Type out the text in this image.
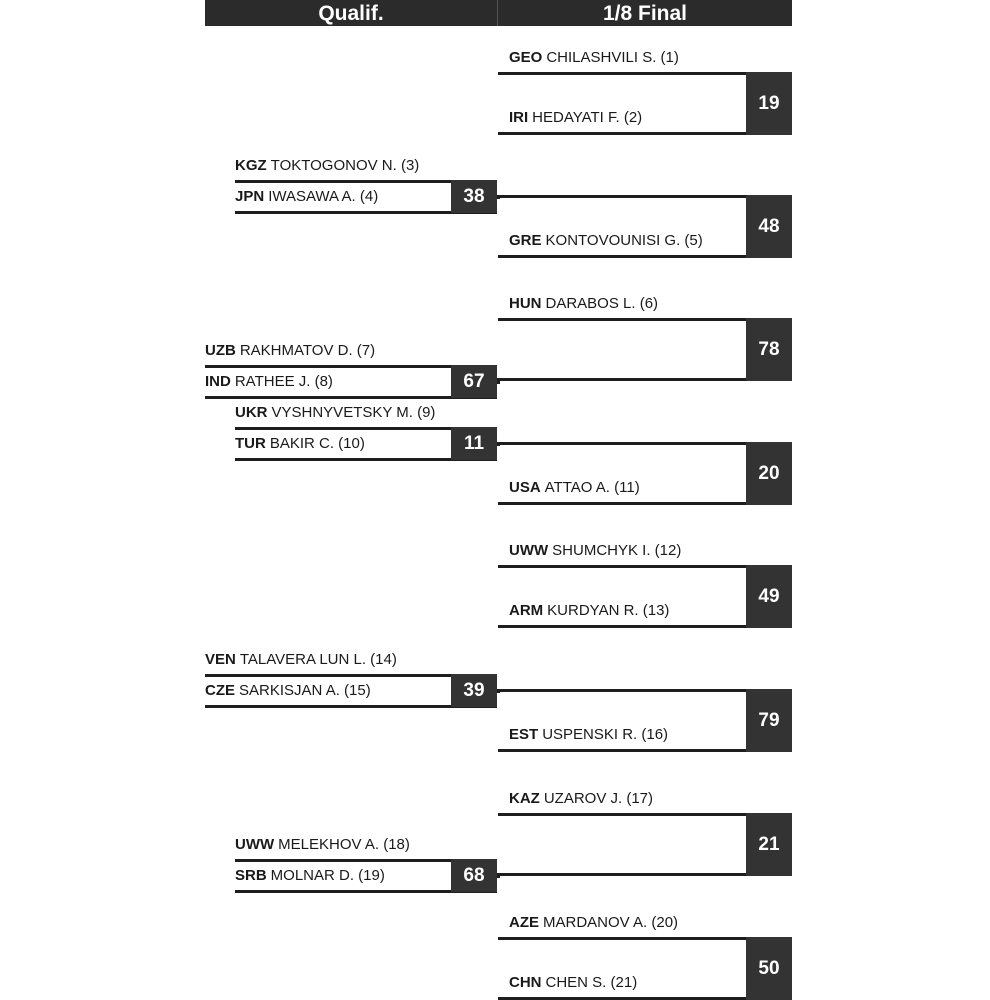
Qualif.	1/8 Final
19
GEO CHILASHVILI S. (1)
IRI HEDAYATI F. (2)
48
GRE KONTOVOUNISI G. (5)
38
KGZ TOKTOGONOV N. (3)
JPN IWASAWA A. (4)
78
HUN DARABOS L. (6)
67
UZB RAKHMATOV D. (7)
IND RATHEE J. (8)
20
USA ATTAO A. (11)
11
UKR VYSHNYVETSKY M. (9)
TUR BAKIR C. (10)
49
UWW SHUMCHYK I. (12)
ARM KURDYAN R. (13)
79
EST USPENSKI R. (16)
39
VEN TALAVERA LUN L. (14)
CZE SARKISJAN A. (15)
21
KAZ UZAROV J. (17)
68
UWW MELEKHOV A. (18)
SRB MOLNAR D. (19)
50
AZE MARDANOV A. (20)
CHN CHEN S. (21)
